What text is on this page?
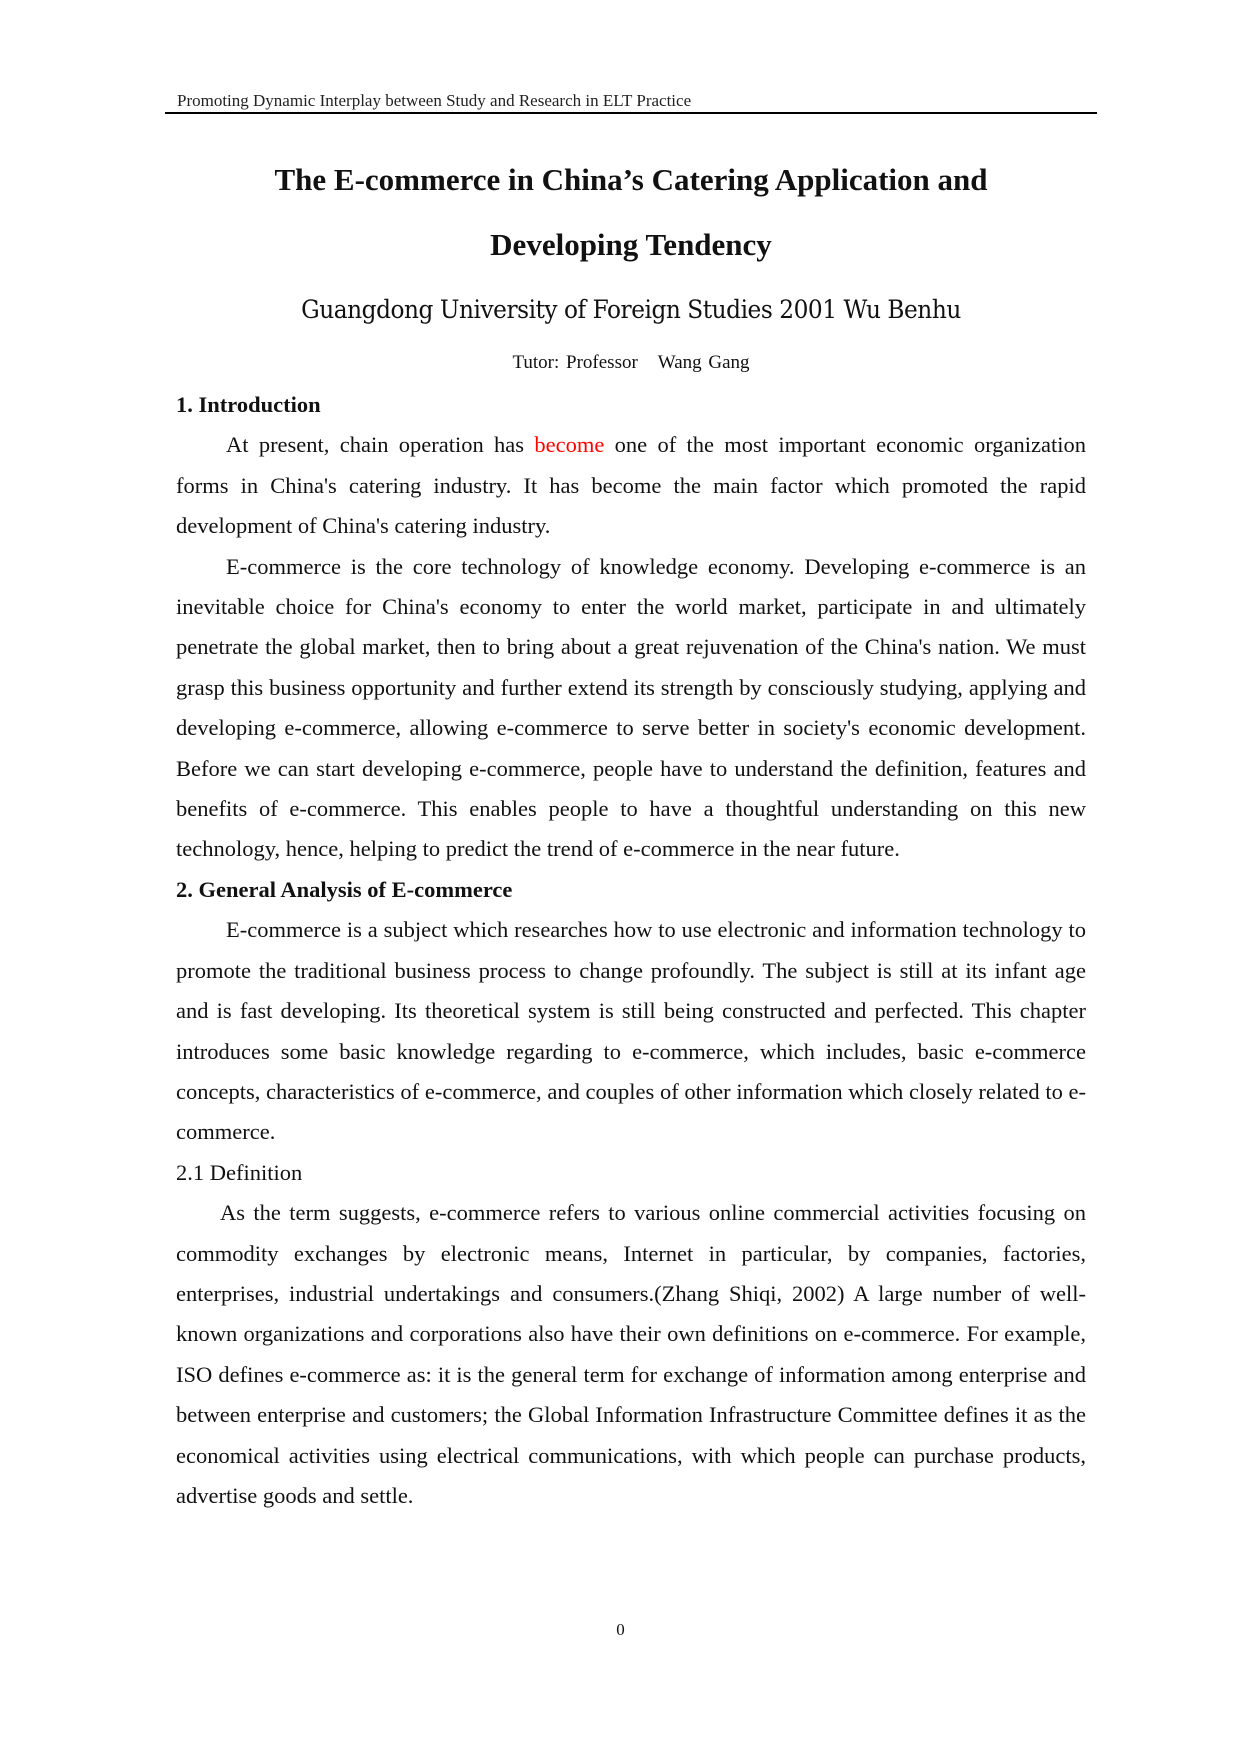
Promoting Dynamic Interplay between Study and Research in ELT Practice
The E-commerce in China’s Catering Application and
Developing Tendency
Guangdong University of Foreign Studies 2001 Wu Benhu
Tutor: Professor Wang Gang

1. Introduction

At present, chain operation has become one of the most important economic organization forms in China's catering industry. It has become the main factor which promoted the rapid development of China's catering industry.

E-commerce is the core technology of knowledge economy. Developing e-commerce is an inevitable choice for China's economy to enter the world market, participate in and ultimately penetrate the global market, then to bring about a great rejuvenation of the China's nation. We must grasp this business opportunity and further extend its strength by consciously studying, applying and developing e-commerce, allowing e-commerce to serve better in society's economic development. Before we can start developing e-commerce, people have to understand the definition, features and benefits of e-commerce. This enables people to have a thoughtful understanding on this new technology, hence, helping to predict the trend of e-commerce in the near future.

2. General Analysis of E-commerce

E-commerce is a subject which researches how to use electronic and information technology to promote the traditional business process to change profoundly. The subject is still at its infant age and is fast developing. Its theoretical system is still being constructed and perfected. This chapter introduces some basic knowledge regarding to e-commerce, which includes, basic e-commerce concepts, characteristics of e-commerce, and couples of other information which closely related to e-commerce.

2.1 Definition

As the term suggests, e-commerce refers to various online commercial activities focusing on commodity exchanges by electronic means, Internet in particular, by companies, factories, enterprises, industrial undertakings and consumers.(Zhang Shiqi, 2002) A large number of well-known organizations and corporations also have their own definitions on e-commerce. For example, ISO defines e-commerce as: it is the general term for exchange of information among enterprise and between enterprise and customers; the Global Information Infrastructure Committee defines it as the economical activities using electrical communications, with which people can purchase products, advertise goods and settle.

0
